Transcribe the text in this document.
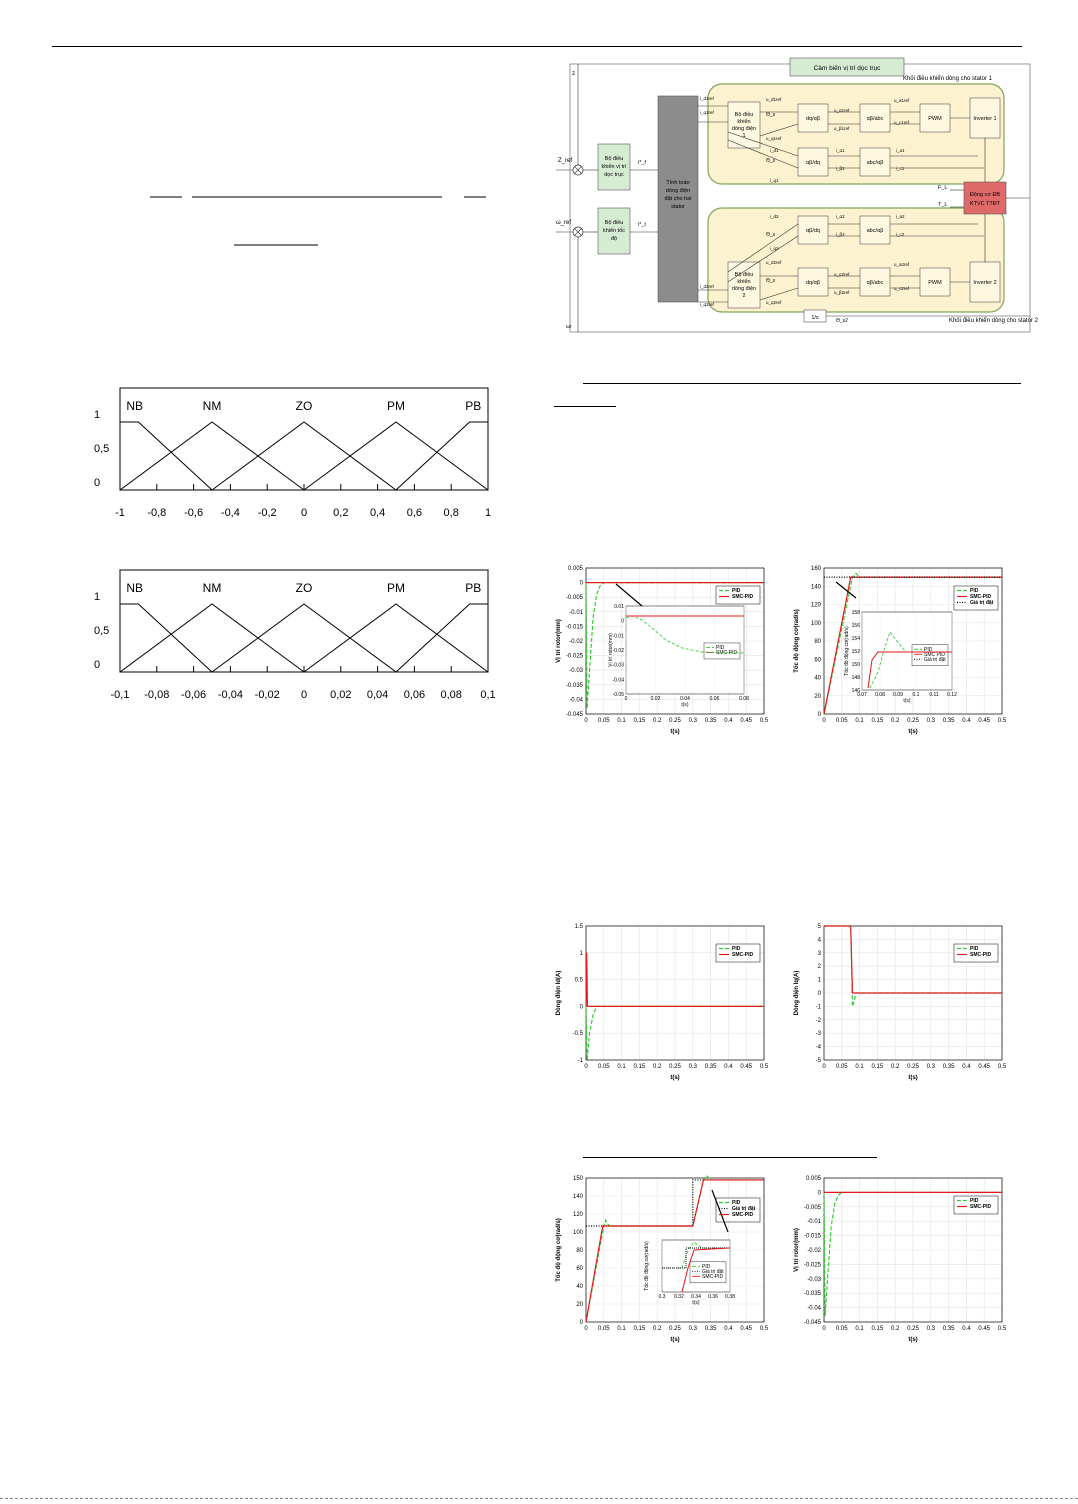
NB	NM	ZO	PM	PB
1
0,5
0
-1 -0,8 -0,6 -0,4 -0,2 0 0,2 0,4 0,6 0,8 1
NB	NM	ZO	PM	PB
1
0,5
0
-0,1 -0,08 -0,06 -0,04 -0,02 0 0,02 0,04 0,06 0,08 0,1
Cảm biến vị trí dọc trục
Khối điều khiển dòng cho stator 1
Khối điều khiển dòng cho stator 2
Z_ref
ω_ref
z
ωr
Bộ điều
khiển vị trí
dọc trục
Bộ điều
khiển tốc
độ
i*_f
i*_t
Tính toán
dòng điện
đặt cho hai
stator
Bộ điều
khiển
dòng điện
1
dq/αβ	αβ/abc	PWM	Inverter 1
αβ/dq	abc/αβ
i_d1ref
i_q1ref
u_d1ref
u_q1ref
u_α1ref
u_β1ref
u_a1ref
u_c1ref
Θ_s
Θ_s
i_d1
i_q1
i_α1
i_β1
i_a1
i_c1
αβ/dq	abc/αβ
Bộ điều
khiển
dòng điện
2
dq/αβ	αβ/abc	PWM	Inverter 2
i_d2
i_q2
Θ_s
i_α2
i_β2
i_a2
i_c2
i_d2ref
i_q2ref
u_d2ref
u_q2ref
Θ_s
u_α2ref
u_β2ref
u_a2ref
u_c2ref
Động cơ ĐB
KTVC TTĐT
F_L
T_L
1/s	Θ_s2
0 0.05 0.1 0.15 0.2 0.25 0.3 0.35 0.4 0.45 0.5
0.005
0
-0.005
-0.01
-0.015
-0.02
-0.025
-0.03
-0.035
-0.04
-0.045
t(s)
Vị trí rotor(mm)
PID
SMC-PID
0	0.02	0.04	0.06	0.08
0.01
0
-0.01
-0.02
-0.03
-0.04
-0.05
t(s)
Vị trí rotor(mm)	PID
SMC-PID
0 0.05 0.1 0.15 0.2 0.25 0.3 0.35 0.4 0.45 0.5
160
140
120
100
80
60
40
20
0
t(s)
Tốc độ động cơ(rad/s)
PID
SMC-PID
Giá trị đặt
0.07 0.08 0.09 0.1 0.11 0.12
158
156
154
152
150
148
146
t(s)
Tốc độ động cơ(rad/s)	PID
SMC PID
Giá trị đặt
0 0.05 0.1 0.15 0.2 0.25 0.3 0.35 0.4 0.45 0.5
1.5
1
0.5
0
-0.5
-1
t(s)
Dòng điện Id(A)
PID
SMC-PID
0 0.05 0.1 0.15 0.2 0.25 0.3 0.35 0.4 0.45 0.5
5
4
3
2
1
0
-1
-2
-3
-4
-5
t(s)
Dòng điện Iq(A)
PID
SMC-PID
0 0.05 0.1 0.15 0.2 0.25 0.3 0.35 0.4 0.45 0.5
150
140
120
100
80
60
40
20
0
t(s)
Tốc độ động cơ(rad/s)
PID
Giá trị đặt
SMC-PID
0.3 0.32 0.34 0.36 0.38
t(s)
Tốc độ động cơ(rad/s)	PID
Giá trị đặt
SMC-PID
0 0.05 0.1 0.15 0.2 0.25 0.3 0.35 0.4 0.45 0.5
0.005
0
-0.005
-0.01
-0.015
-0.02
-0.025
-0.03
-0.035
-0.04
-0.045
t(s)
Vị trí rotor(mm)
PID
SMC-PID
